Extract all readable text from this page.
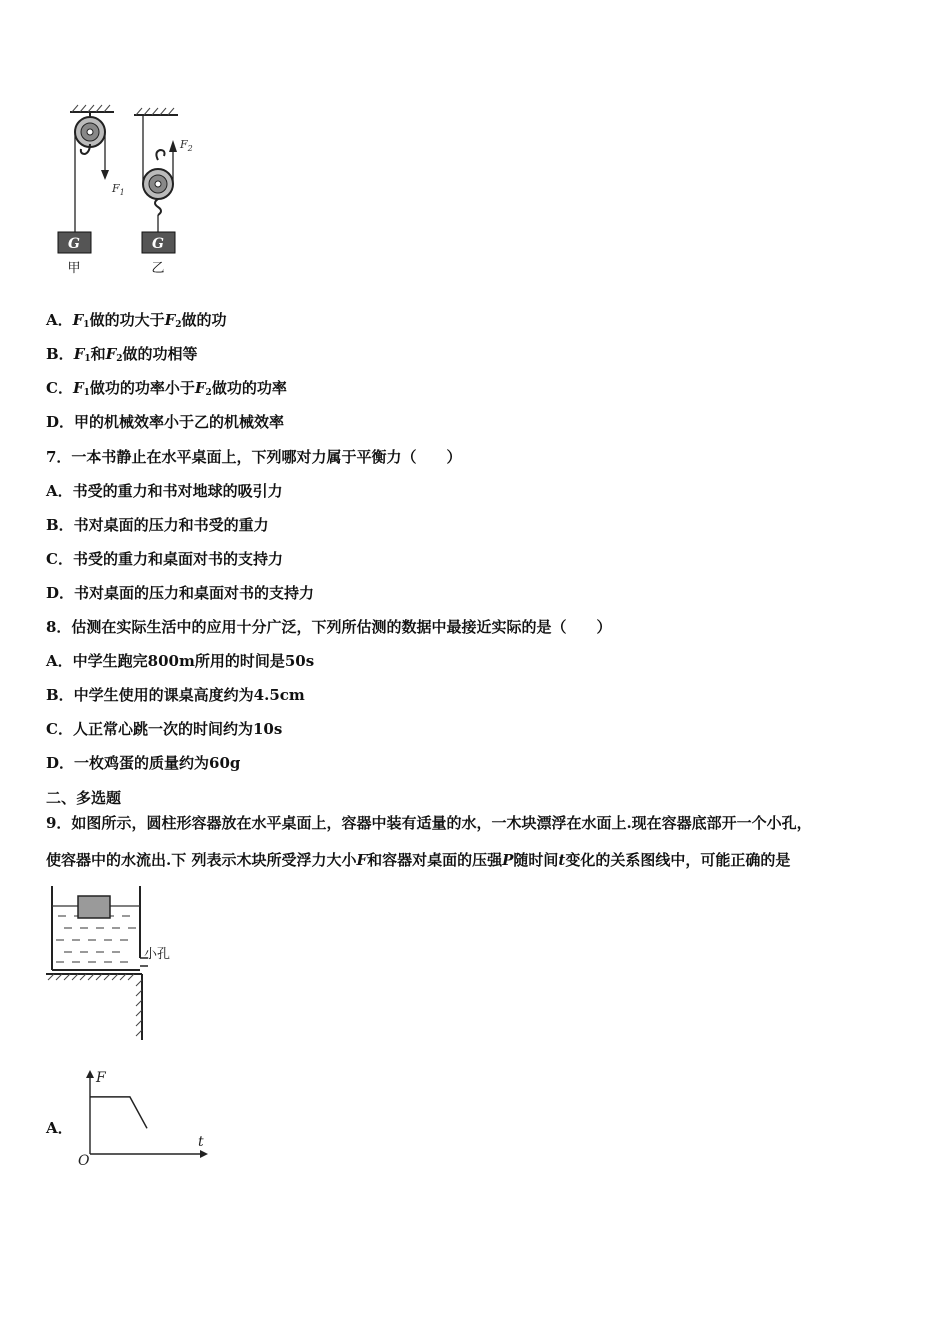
G
$F_1$
甲
$F_2$
G
乙
A．$F_1$做的功大于$F_2$做的功
B．$F_1$和$F_2$做的功相等
C．$F_1$做功的功率小于$F_2$做功的功率
D．甲的机械效率小于乙的机械效率
7．一本书静止在水平桌面上，下列哪对力属于平衡力（　　）
A．书受的重力和书对地球的吸引力
B．书对桌面的压力和书受的重力
C．书受的重力和桌面对书的支持力
D．书对桌面的压力和桌面对书的支持力
8．估测在实际生活中的应用十分广泛，下列所估测的数据中最接近实际的是（　　）
A．中学生跑完800m所用的时间是50s
B．中学生使用的课桌高度约为4.5cm
C．人正常心跳一次的时间约为10s
D．一枚鸡蛋的质量约为60g
二、多选题
9．如图所示，圆柱形容器放在水平桌面上，容器中装有适量的水，一木块漂浮在水面上.现在容器底部开一个小孔，
使容器中的水流出.下 列表示木块所受浮力大小F和容器对桌面的压强P随时间t变化的关系图线中，可能正确的是
小孔
A．
F
t
O
